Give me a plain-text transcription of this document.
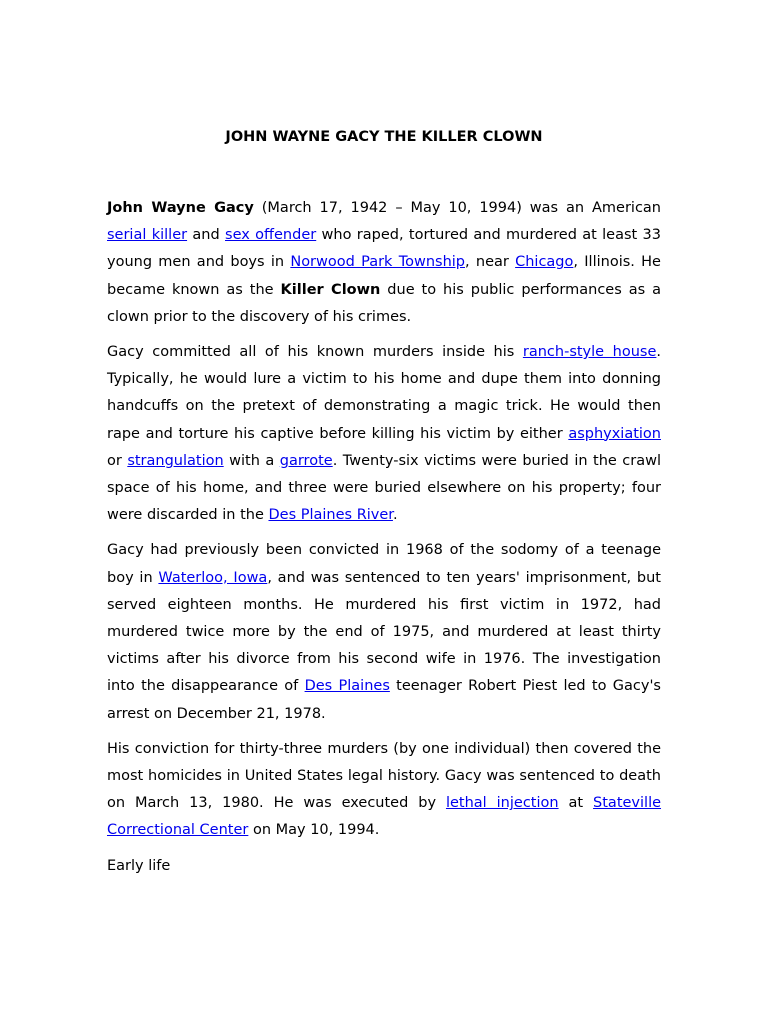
JOHN WAYNE GACY THE KILLER CLOWN

John Wayne Gacy (March 17, 1942 – May 10, 1994) was an American serial killer and sex offender who raped, tortured and murdered at least 33 young men and boys in Norwood Park Township, near Chicago, Illinois. He became known as the Killer Clown due to his public performances as a clown prior to the discovery of his crimes.

Gacy committed all of his known murders inside his ranch-style house. Typically, he would lure a victim to his home and dupe them into donning handcuffs on the pretext of demonstrating a magic trick. He would then rape and torture his captive before killing his victim by either asphyxiation or strangulation with a garrote. Twenty-six victims were buried in the crawl space of his home, and three were buried elsewhere on his property; four were discarded in the Des Plaines River.

Gacy had previously been convicted in 1968 of the sodomy of a teenage boy in Waterloo, Iowa, and was sentenced to ten years' imprisonment, but served eighteen months. He murdered his first victim in 1972, had murdered twice more by the end of 1975, and murdered at least thirty victims after his divorce from his second wife in 1976. The investigation into the disappearance of Des Plaines teenager Robert Piest led to Gacy's arrest on December 21, 1978.

His conviction for thirty-three murders (by one individual) then covered the most homicides in United States legal history. Gacy was sentenced to death on March 13, 1980. He was executed by lethal injection at Stateville Correctional Center on May 10, 1994.

Early life
